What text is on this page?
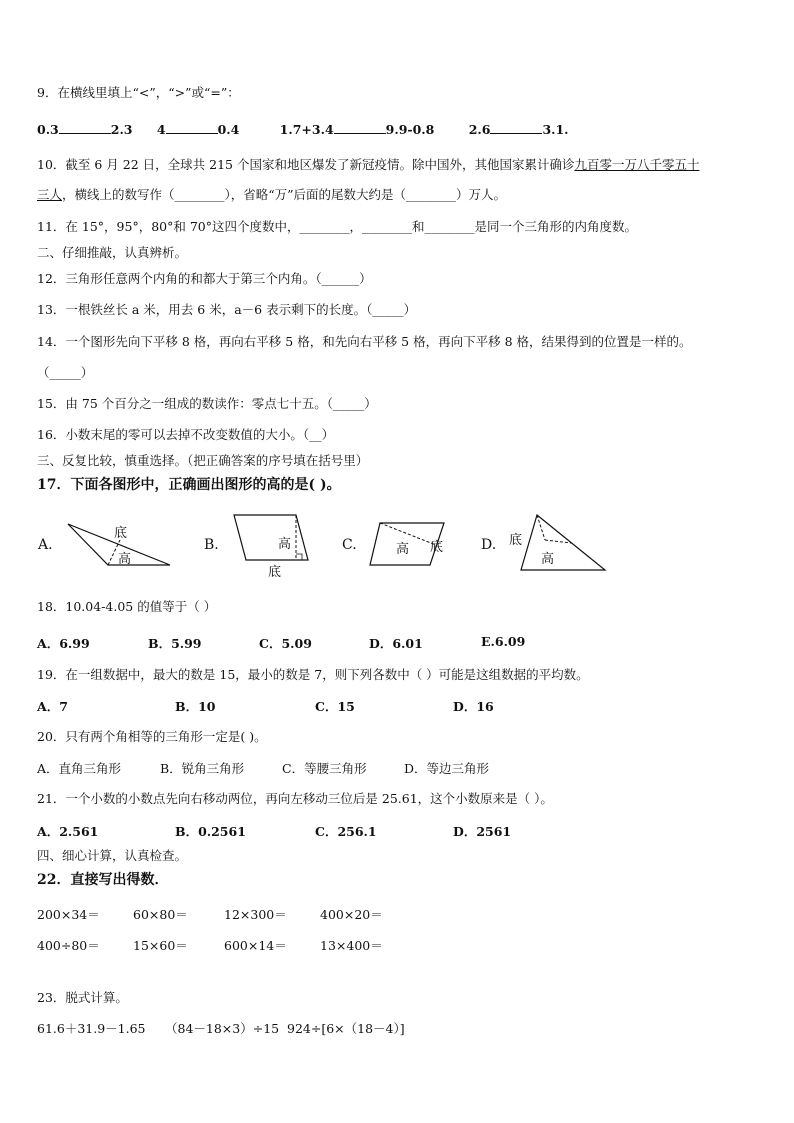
9．在横线里填上“<”，“>”或“=”：
0.3	2.3 4	0.4	1.7+3.4	9.9-0.8	2.6	3.1.
10．截至 6 月 22 日，全球共 215 个国家和地区爆发了新冠疫情。除中国外，其他国家累计确诊九百零一万八千零五十
三人，横线上的数写作（________），省略“万”后面的尾数大约是（________）万人。
11．在 15°，95°，80°和 70°这四个度数中，________，________和________是同一个三角形的内角度数。
二、仔细推敲，认真辨析。
12．三角形任意两个内角的和都大于第三个内角。（______）
13．一根铁丝长 a 米，用去 6 米，a－6 表示剩下的长度。（_____）
14．一个图形先向下平移 8 格，再向右平移 5 格，和先向右平移 5 格，再向下平移 8 格，结果得到的位置是一样的。
（_____）
15．由 75 个百分之一组成的数读作：零点七十五。（_____）
16．小数末尾的零可以去掉不改变数值的大小。（__）
三、反复比较，慎重选择。（把正确答案的序号填在括号里）
17．下面各图形中，正确画出图形的高的是( )。
A.
底
高
B.	高
底
C.	高 底	D. 底
高
18．10.04-4.05 的值等于（ ）
A．6.99	B．5.99	C．5.09	D．6.01	E.6.09
19．在一组数据中，最大的数是 15，最小的数是 7，则下列各数中（ ）可能是这组数据的平均数。
A．7	B．10	C．15	D．16
20．只有两个角相等的三角形一定是( )。
A．直角三角形	B．锐角三角形	C．等腰三角形	D．等边三角形
21．一个小数的小数点先向右移动两位，再向左移动三位后是 25.61，这个小数原来是（ ）。
A．2.561	B．0.2561	C．256.1	D．2561
四、细心计算，认真检查。
22．直接写出得数．
200×34＝	60×80＝	12×300＝	400×20＝
400÷80＝	15×60＝	600×14＝	13×400＝
23．脱式计算。
61.6＋31.9－1.65 （84－18×3）÷15 924÷[6×（18－4）]
